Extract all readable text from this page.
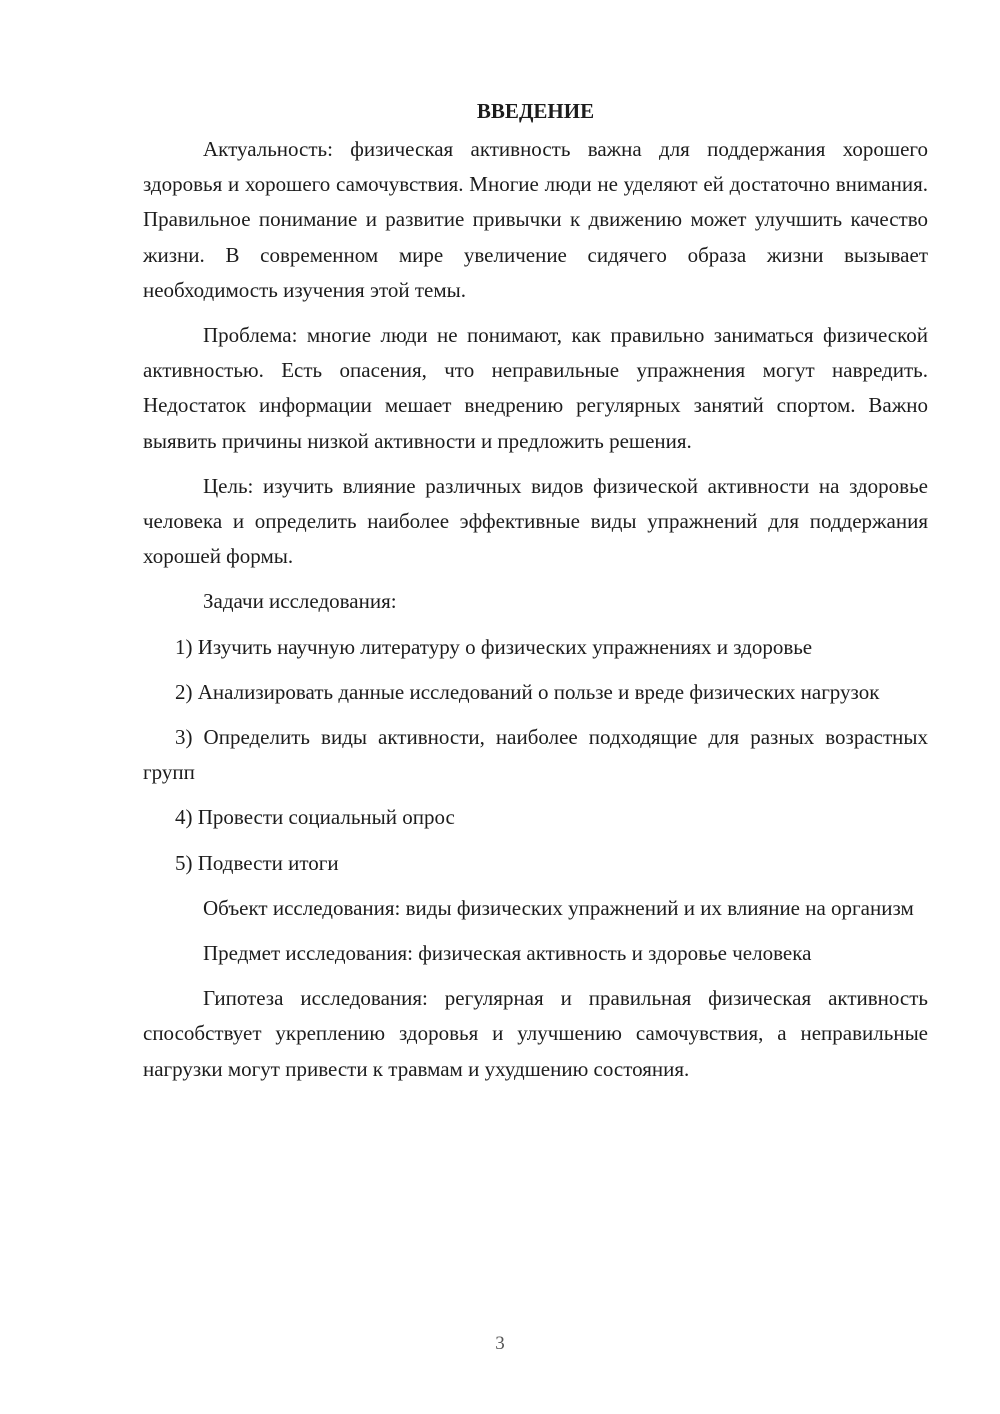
ВВЕДЕНИЕ

Актуальность: физическая активность важна для поддержания хорошего здоровья и хорошего самочувствия. Многие люди не уделяют ей достаточно внимания. Правильное понимание и развитие привычки к движению может улучшить качество жизни. В современном мире увеличение сидячего образа жизни вызывает необходимость изучения этой темы.

Проблема: многие люди не понимают, как правильно заниматься физической активностью. Есть опасения, что неправильные упражнения могут навредить. Недостаток информации мешает внедрению регулярных занятий спортом. Важно выявить причины низкой активности и предложить решения.

Цель: изучить влияние различных видов физической активности на здоровье человека и определить наиболее эффективные виды упражнений для поддержания хорошей формы.

Задачи исследования:

1) Изучить научную литературу о физических упражнениях и здоровье

2) Анализировать данные исследований о пользе и вреде физических нагрузок

3) Определить виды активности, наиболее подходящие для разных возрастных групп

4) Провести социальный опрос

5) Подвести итоги

Объект исследования: виды физических упражнений и их влияние на организм

Предмет исследования: физическая активность и здоровье человека

Гипотеза исследования: регулярная и правильная физическая активность способствует укреплению здоровья и улучшению самочувствия, а неправильные нагрузки могут привести к травмам и ухудшению состояния.

3
